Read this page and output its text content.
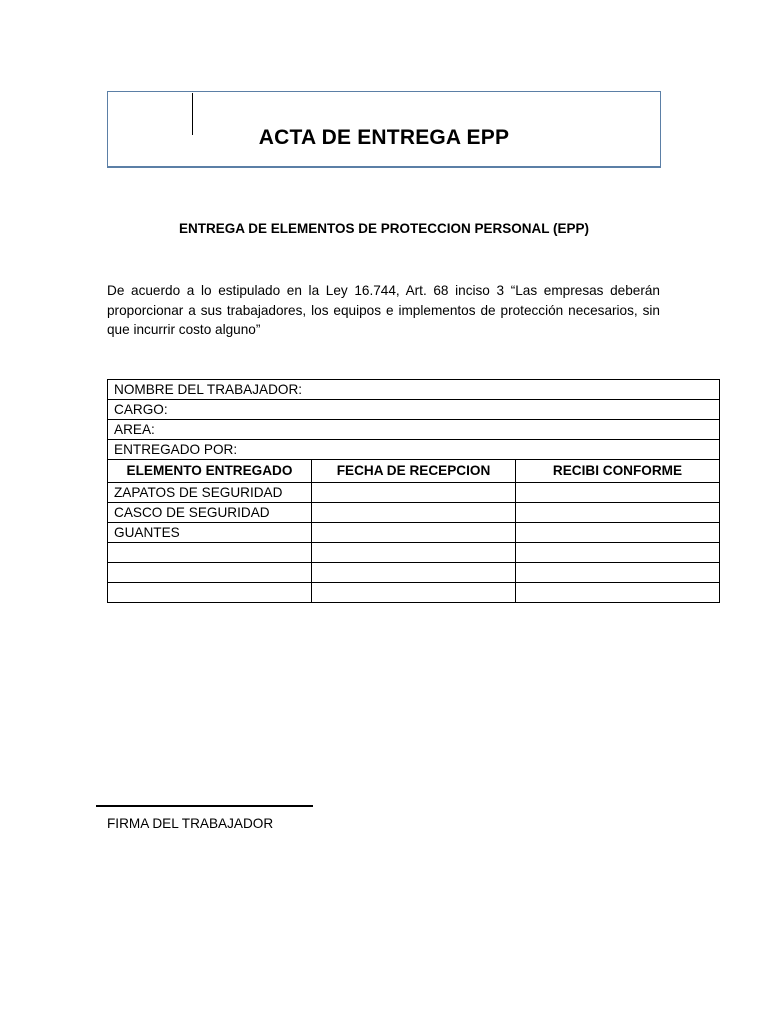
ACTA DE ENTREGA EPP
ENTREGA DE ELEMENTOS DE PROTECCION PERSONAL (EPP)

De acuerdo a lo estipulado en la Ley 16.744, Art. 68 inciso 3 “Las empresas deberán proporcionar a sus trabajadores, los equipos e implementos de protección necesarios, sin que incurrir costo alguno”

NOMBRE DEL TRABAJADOR:		
CARGO:		
AREA:		
ENTREGADO POR:		
ELEMENTO ENTREGADO	FECHA DE RECEPCION	RECIBI CONFORME
ZAPATOS DE SEGURIDAD		
CASCO DE SEGURIDAD		
GUANTES		

FIRMA DEL TRABAJADOR
